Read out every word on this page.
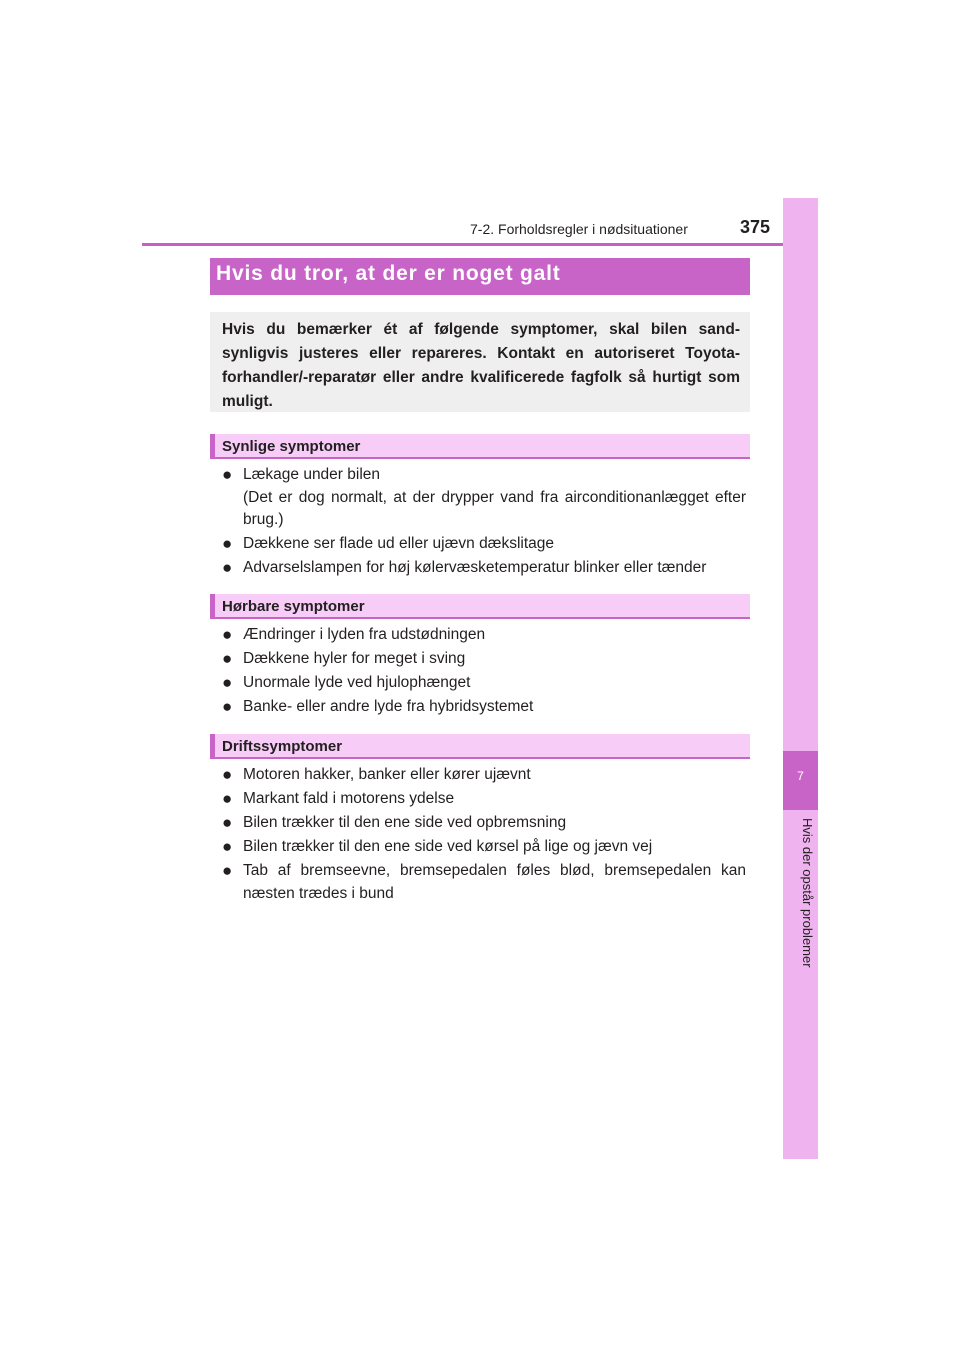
7-2. Forholdsregler i nødsituationer	375
7
Hvis der opstår problemer
Hvis du tror, at der er noget galt

Hvis du bemærker ét af følgende symptomer, skal bilen sand-synligvis justeres eller repareres. Kontakt en autoriseret Toyota-forhandler/-reparatør eller andre kvalificerede fagfolk så hurtigt som muligt.

Synlige symptomer
● Lækage under bilen
(Det er dog normalt, at der drypper vand fra airconditionanlægget efter brug.)
● Dækkene ser flade ud eller ujævn dækslitage
● Advarselslampen for høj kølervæsketemperatur blinker eller tænder
Hørbare symptomer
● Ændringer i lyden fra udstødningen
● Dækkene hyler for meget i sving
● Unormale lyde ved hjulophænget
● Banke- eller andre lyde fra hybridsystemet
Driftssymptomer
● Motoren hakker, banker eller kører ujævnt
● Markant fald i motorens ydelse
● Bilen trækker til den ene side ved opbremsning
● Bilen trækker til den ene side ved kørsel på lige og jævn vej
● Tab af bremseevne, bremsepedalen føles blød, bremsepedalen kan næsten trædes i bund
